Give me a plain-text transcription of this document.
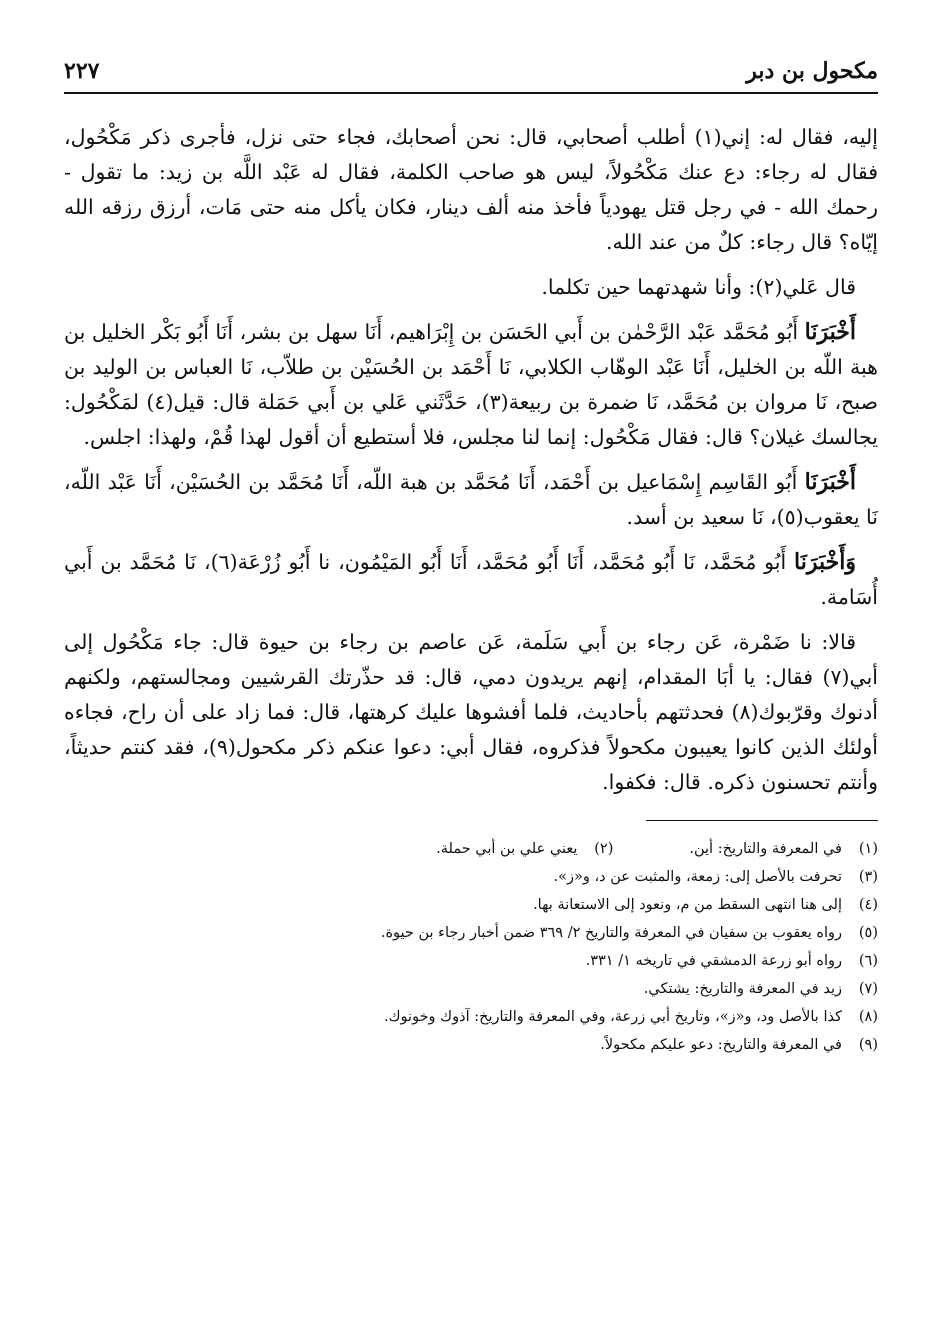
مكحول بن دبر
٢٢٧

إليه، فقال له: إني(١) أطلب أصحابي، قال: نحن أصحابك، فجاء حتى نزل، فأجرى ذكر مَكْحُول، فقال له رجاء: دع عنك مَكْحُولاً، ليس هو صاحب الكلمة، فقال له عَبْد اللَّه بن زيد: ما تقول - رحمك الله - في رجل قتل يهودياً فأخذ منه ألف دينار، فكان يأكل منه حتى مَات، أرزق رزقه الله إيّاه؟ قال رجاء: كلٌ من عند الله.

قال عَلي(٢): وأنا شهدتهما حين تكلما.

أَخْبَرَنَا أَبُو مُحَمَّد عَبْد الرَّحْمٰن بن أَبي الحَسَن بن إِبْرَاهيم، أَنَا سهل بن بشر، أَنَا أَبُو بَكْر الخليل بن هبة اللّه بن الخليل، أَنَا عَبْد الوهّاب الكلابي، نَا أَحْمَد بن الحُسَيْن بن طلاّب، نَا العباس بن الوليد بن صبح، نَا مروان بن مُحَمَّد، نَا ضمرة بن ربيعة(٣)، حَدَّثَني عَلي بن أَبي حَمَلة قال: قيل(٤) لمَكْحُول: يجالسك غيلان؟ قال: فقال مَكْحُول: إنما لنا مجلس، فلا أستطيع أن أقول لهذا قُمْ، ولهذا: اجلس.

أَخْبَرَنَا أَبُو القَاسِم إِسْمَاعيل بن أَحْمَد، أَنَا مُحَمَّد بن هبة اللّه، أَنَا مُحَمَّد بن الحُسَيْن، أَنَا عَبْد اللّه، نَا يعقوب(٥)، نَا سعيد بن أسد.

وَأَخْبَرَنَا أَبُو مُحَمَّد، نَا أَبُو مُحَمَّد، أَنَا أَبُو مُحَمَّد، أَنَا أَبُو المَيْمُون، نا أَبُو زُرْعَة(٦)، نَا مُحَمَّد بن أَبي أُسَامة.

قالا: نا ضَمْرة، عَن رجاء بن أَبي سَلَمة، عَن عاصم بن رجاء بن حيوة قال: جاء مَكْحُول إلى أبي(٧) فقال: يا أبَا المقدام، إنهم يريدون دمي، قال: قد حذّرتك القرشيين ومجالستهم، ولكنهم أدنوك وقرّبوك(٨) فحدثتهم بأحاديث، فلما أفشوها عليك كرهتها، قال: فما زاد على أن راح، فجاءه أولئك الذين كانوا يعيبون مكحولاً فذكروه، فقال أبي: دعوا عنكم ذكر مكحول(٩)، فقد كنتم حديثاً، وأنتم تحسنون ذكره. قال: فكفوا.

(١)
في المعرفة والتاريخ: أين.
(٢)
يعني علي بن أبي حملة.
(٣)
تحرفت بالأصل إلى: زمعة، والمثبت عن د، و«ز».
(٤)
إلى هنا انتهى السقط من م، ونعود إلى الاستعانة بها.
(٥)
رواه يعقوب بن سفيان في المعرفة والتاريخ ٢/ ٣٦٩ ضمن أخبار رجاء بن حيوة.
(٦)
رواه أبو زرعة الدمشقي في تاريخه ١/ ٣٣١.
(٧)
زيد في المعرفة والتاريخ: يشتكي.
(٨)
كذا بالأصل ود، و«ز»، وتاريخ أبي زرعة، وفي المعرفة والتاريخ: آذوك وخونوك.
(٩)
في المعرفة والتاريخ: دعو عليكم مكحولاً.
